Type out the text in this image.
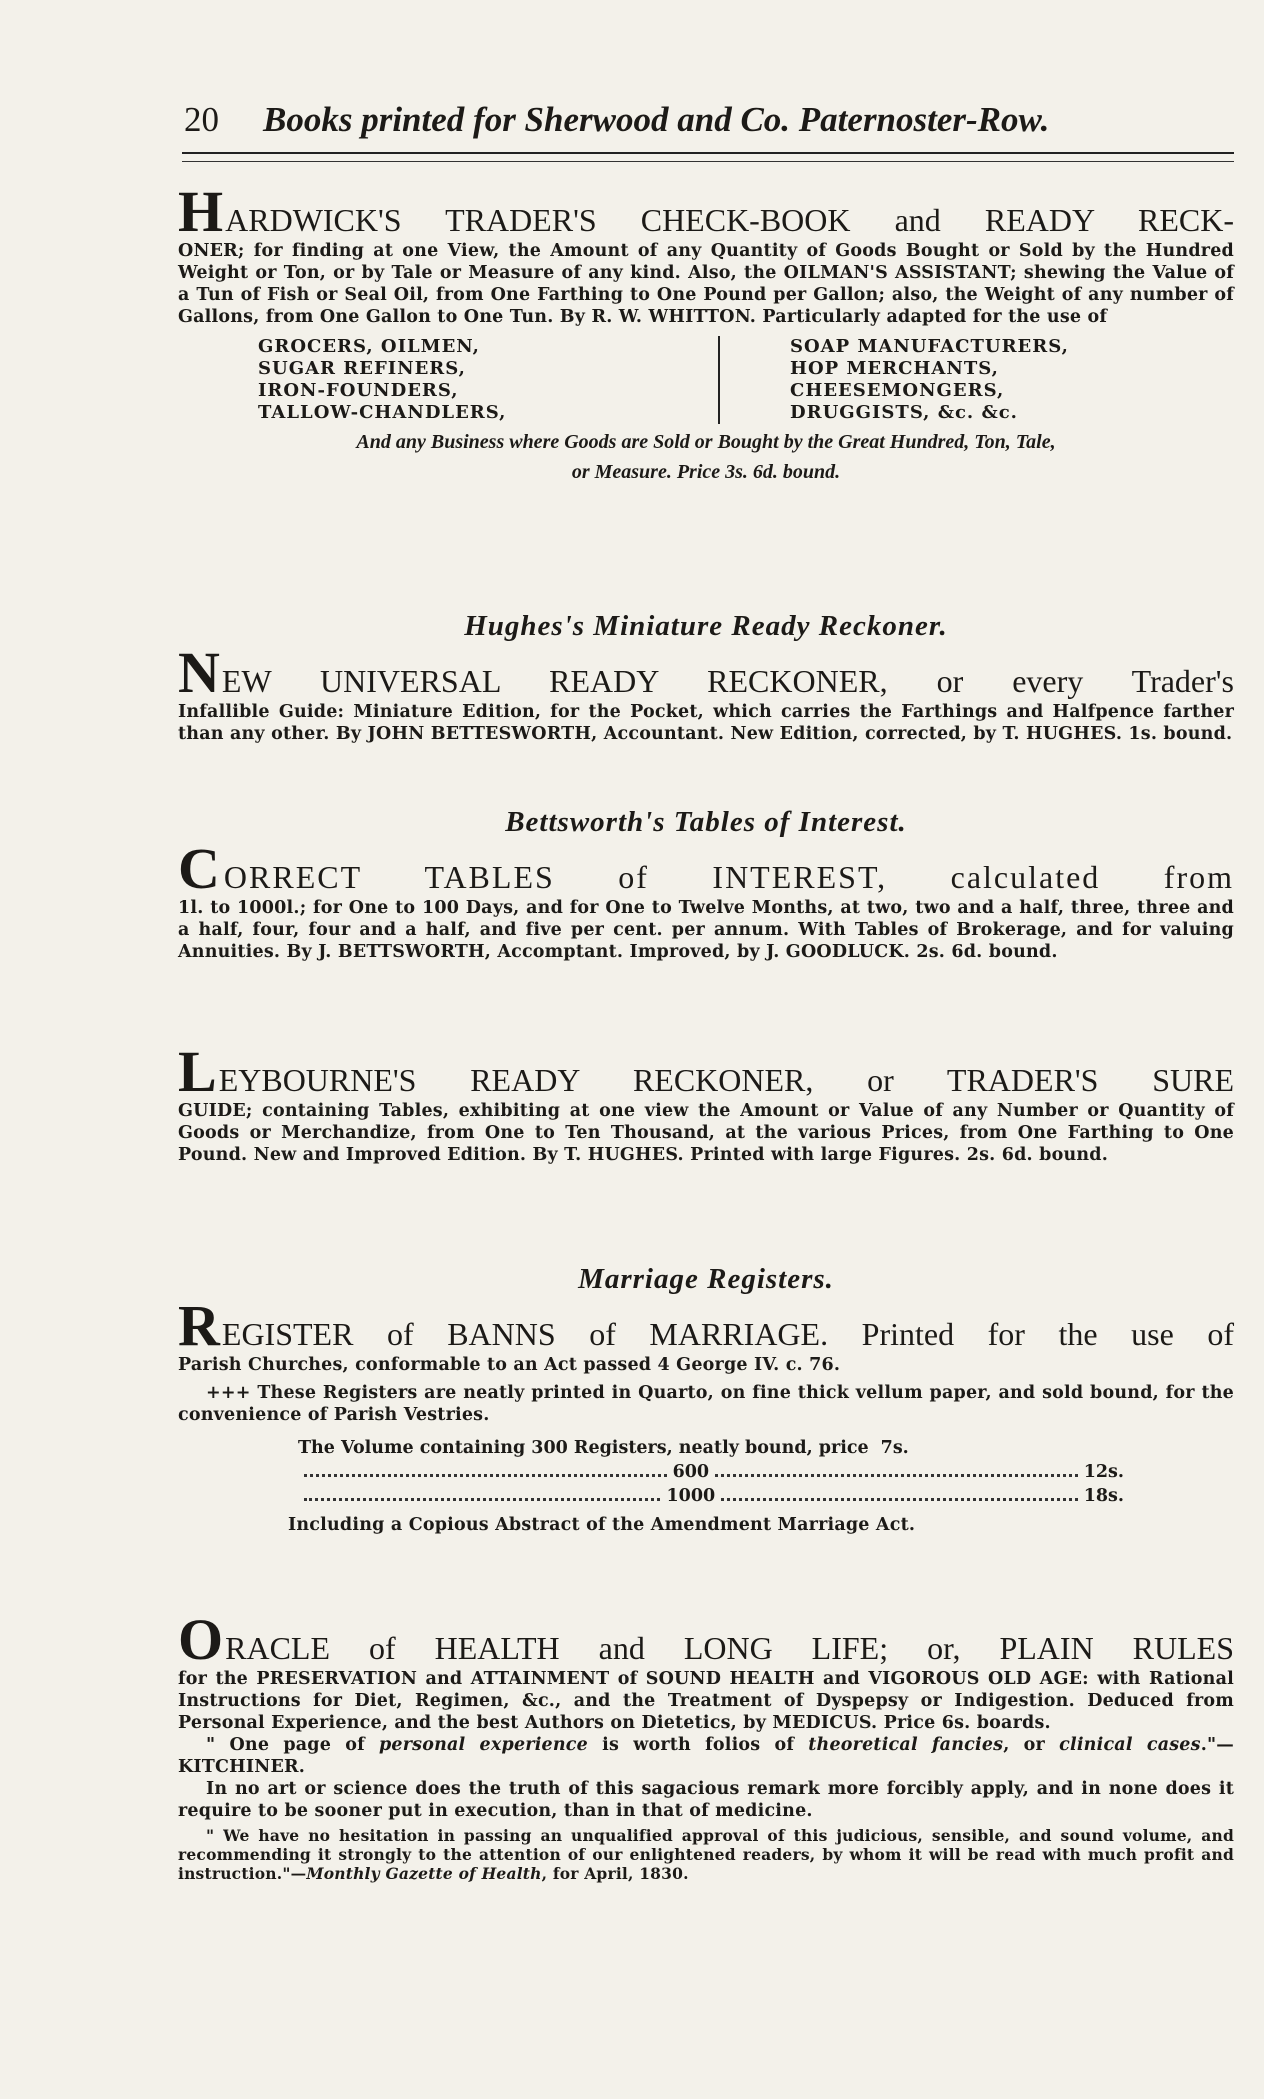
20 Books printed for Sherwood and Co. Paternoster-Row.
HARDWICK'S TRADER'S CHECK-BOOK and READY RECK-
ONER; for finding at one View, the Amount of any Quantity of Goods Bought or Sold by the Hundred Weight or Ton, or by Tale or Measure of any kind. Also, the OILMAN'S ASSISTANT; shewing the Value of a Tun of Fish or Seal Oil, from One Farthing to One Pound per Gallon; also, the Weight of any number of Gallons, from One Gallon to One Tun. By R. W. WHITTON. Particularly adapted for the use of
GROCERS, OILMEN,
SUGAR REFINERS,
IRON-FOUNDERS,
TALLOW-CHANDLERS,
SOAP MANUFACTURERS,
HOP MERCHANTS,
CHEESEMONGERS,
DRUGGISTS, &c. &c.
And any Business where Goods are Sold or Bought by the Great Hundred, Ton, Tale,
or Measure. Price 3s. 6d. bound.
Hughes's Miniature Ready Reckoner.
NEW UNIVERSAL READY RECKONER, or every Trader's
Infallible Guide: Miniature Edition, for the Pocket, which carries the Farthings and Halfpence farther than any other. By JOHN BETTESWORTH, Accountant. New Edition, corrected, by T. HUGHES. 1s. bound.
Bettsworth's Tables of Interest.
CORRECT TABLES of INTEREST, calculated from
1l. to 1000l.; for One to 100 Days, and for One to Twelve Months, at two, two and a half, three, three and a half, four, four and a half, and five per cent. per annum. With Tables of Brokerage, and for valuing Annuities. By J. BETTSWORTH, Accomptant. Improved, by J. GOODLUCK. 2s. 6d. bound.
LEYBOURNE'S READY RECKONER, or TRADER'S SURE
GUIDE; containing Tables, exhibiting at one view the Amount or Value of any Number or Quantity of Goods or Merchandize, from One to Ten Thousand, at the various Prices, from One Farthing to One Pound. New and Improved Edition. By T. HUGHES. Printed with large Figures. 2s. 6d. bound.
Marriage Registers.
REGISTER of BANNS of MARRIAGE. Printed for the use of
Parish Churches, conformable to an Act passed 4 George IV. c. 76.
+++ These Registers are neatly printed in Quarto, on fine thick vellum paper, and sold bound, for the convenience of Parish Vestries.
The Volume containing 300 Registers, neatly bound, price 7s.
600	12s.
1000	18s.
Including a Copious Abstract of the Amendment Marriage Act.
ORACLE of HEALTH and LONG LIFE; or, PLAIN RULES
for the PRESERVATION and ATTAINMENT of SOUND HEALTH and VIGOROUS OLD AGE: with Rational Instructions for Diet, Regimen, &c., and the Treatment of Dyspepsy or Indigestion. Deduced from Personal Experience, and the best Authors on Dietetics, by MEDICUS. Price 6s. boards.
" One page of personal experience is worth folios of theoretical fancies, or clinical cases."—KITCHINER.
In no art or science does the truth of this sagacious remark more forcibly apply, and in none does it require to be sooner put in execution, than in that of medicine.
" We have no hesitation in passing an unqualified approval of this judicious, sensible, and sound volume, and recommending it strongly to the attention of our enlightened readers, by whom it will be read with much profit and instruction."—Monthly Gazette of Health, for April, 1830.
